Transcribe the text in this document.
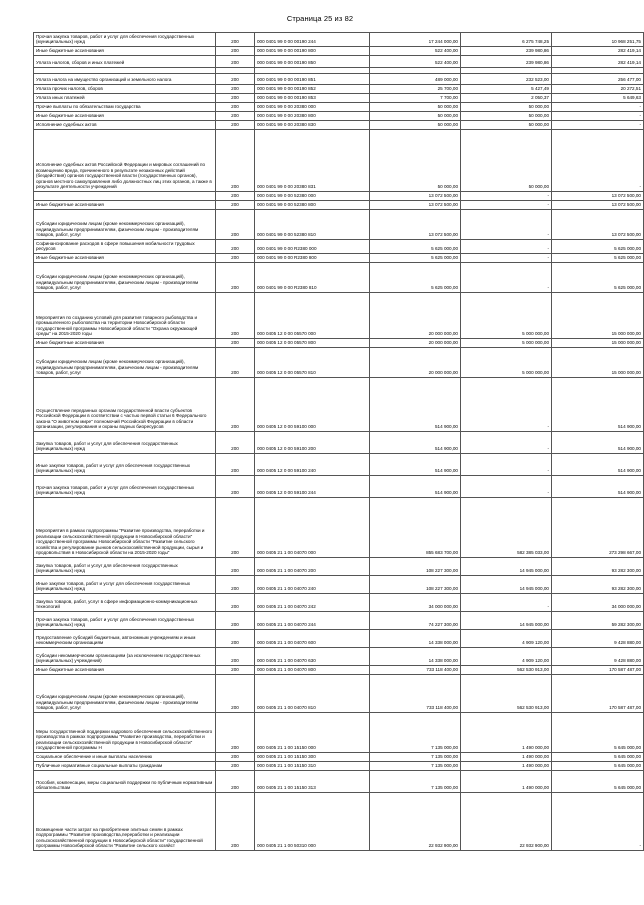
Страница 25 из 82
Прочая закупка товаров, работ и услуг для обеспечения государственных (муниципальных) нужд	200	000 0401 99 0 00 00190 244	17 244 000,00	6 275 748,25	10 968 251,75
Иные бюджетные ассигнования	200	000 0401 99 0 00 00190 800	522 400,00	239 980,86	282 419,14
Уплата налогов, сборов и иных платежей	200	000 0401 99 0 00 00190 850	522 400,00	239 980,86	282 419,14

Уплата налога на имущество организаций и земельного налога	200	000 0401 99 0 00 00190 851	489 000,00	232 523,00	256 477,00
Уплата прочих налогов, сборов	200	000 0401 99 0 00 00190 852	25 700,00	5 427,49	20 272,51
Уплата иных платежей	200	000 0401 99 0 00 00190 853	7 700,00	2 050,37	5 649,63
Прочие выплаты по обязательствам государства	200	000 0401 99 0 00 20380 000	50 000,00	50 000,00	-
Иные бюджетные ассигнования	200	000 0401 99 0 00 20380 800	50 000,00	50 000,00	-
Исполнение судебных актов	200	000 0401 99 0 00 20380 830	50 000,00	50 000,00	-
Исполнение судебных актов Российской Федерации и мировых соглашений по возмещению вреда, причиненного в результате незаконных действий (бездействия) органов государственной власти (государственных органов), органов местного самоуправления либо должностных лиц этих органов, а также в результате деятельности учреждений	200	000 0401 99 0 00 20380 831	50 000,00	50 000,00	-
	200	000 0401 99 0 00 52380 000	13 072 500,00	-	13 072 500,00
Иные бюджетные ассигнования	200	000 0401 99 0 00 52380 800	13 072 500,00	-	13 072 500,00
Субсидии юридическим лицам (кроме некоммерческих организаций), индивидуальным предпринимателям, физическим лицам - производителям товаров, работ, услуг	200	000 0401 99 0 00 52380 810	13 072 500,00	-	13 072 500,00
Софинансирование расходов в сфере повышения мобильности трудовых ресурсов	200	000 0401 99 0 00 R2380 000	5 625 000,00	-	5 625 000,00
Иные бюджетные ассигнования	200	000 0401 99 0 00 R2380 800	5 625 000,00	-	5 625 000,00
Субсидии юридическим лицам (кроме некоммерческих организаций), индивидуальным предпринимателям, физическим лицам - производителям товаров, работ, услуг	200	000 0401 99 0 00 R2380 810	5 625 000,00	-	5 625 000,00
Мероприятия по созданию условий для развития товарного рыбоводства и промышленного рыболовства на территории Новосибирской области государственной программы Новосибирской области "Охрана окружающей среды" на 2015-2020 годы	200	000 0405 12 0 00 05570 000	20 000 000,00	5 000 000,00	15 000 000,00
Иные бюджетные ассигнования	200	000 0405 12 0 00 05570 800	20 000 000,00	5 000 000,00	15 000 000,00
Субсидии юридическим лицам (кроме некоммерческих организаций), индивидуальным предпринимателям, физическим лицам - производителям товаров, работ, услуг	200	000 0405 12 0 00 05570 810	20 000 000,00	5 000 000,00	15 000 000,00
Осуществление переданных органам государственной власти субъектов Российской Федерации в соответствии с частью первой статьи 6 Федерального закона "О животном мире" полномочий Российской Федерации в области организации, регулирования и охраны водных биоресурсов	200	000 0405 12 0 00 59100 000	514 900,00	-	514 900,00
Закупка товаров, работ и услуг для обеспечения государственных (муниципальных) нужд	200	000 0405 12 0 00 59100 200	514 900,00	-	514 900,00
Иные закупки товаров, работ и услуг для обеспечения государственных (муниципальных) нужд	200	000 0405 12 0 00 59100 240	514 900,00	-	514 900,00
Прочая закупка товаров, работ и услуг для обеспечения государственных (муниципальных) нужд	200	000 0405 12 0 00 59100 244	514 900,00	-	514 900,00
Мероприятия в рамках подпрограммы "Развитие производства, переработки и реализации сельскохозяйственной продукции в Новосибирской области" государственной программы Новосибирской области "Развитие сельского хозяйства и регулирование рынков сельскохозяйственной продукции, сырья и продовольствия в Новосибирской области на 2015-2020 годы"	200	000 0405 21 1 00 04070 000	855 683 700,00	582 385 033,00	273 298 667,00
Закупка товаров, работ и услуг для обеспечения государственных (муниципальных) нужд	200	000 0405 21 1 00 04070 200	108 227 300,00	14 945 000,00	93 282 300,00
Иные закупки товаров, работ и услуг для обеспечения государственных (муниципальных) нужд	200	000 0405 21 1 00 04070 240	108 227 300,00	14 945 000,00	93 282 300,00
Закупка товаров, работ, услуг в сфере информационно-коммуникационных технологий	200	000 0405 21 1 00 04070 242	34 000 000,00	-	34 000 000,00
Прочая закупка товаров, работ и услуг для обеспечения государственных (муниципальных) нужд	200	000 0405 21 1 00 04070 244	74 227 300,00	14 945 000,00	59 282 300,00
Предоставление субсидий бюджетным, автономным учреждениям и иным некоммерческим организациям	200	000 0405 21 1 00 04070 600	14 338 000,00	4 909 120,00	9 428 880,00
Субсидии некоммерческим организациям (за исключением государственных (муниципальных) учреждений)	200	000 0405 21 1 00 04070 630	14 338 000,00	4 909 120,00	9 428 880,00
Иные бюджетные ассигнования	200	000 0405 21 1 00 04070 800	733 118 400,00	562 530 913,00	170 587 487,00
Субсидии юридическим лицам (кроме некоммерческих организаций), индивидуальным предпринимателям, физическим лицам - производителям товаров, работ, услуг	200	000 0405 21 1 00 04070 810	733 118 400,00	562 530 913,00	170 587 487,00
Меры государственной поддержки кадрового обеспечения сельскохозяйственного производства в рамках подпрограммы "Развитие производства, переработки и реализации сельскохозяйственной продукции в Новосибирской области" государственной программы Н	200	000 0405 21 1 00 15150 000	7 135 000,00	1 490 000,00	5 645 000,00
Социальное обеспечение и иные выплаты населению	200	000 0405 21 1 00 15150 300	7 135 000,00	1 490 000,00	5 645 000,00
Публичные нормативные социальные выплаты гражданам	200	000 0405 21 1 00 15150 310	7 135 000,00	1 490 000,00	5 645 000,00
Пособия, компенсации, меры социальной поддержки по публичным нормативным обязательствам	200	000 0405 21 1 00 15150 313	7 135 000,00	1 490 000,00	5 645 000,00
Возмещение части затрат на приобретение элитных семян в рамках подпрограммы "Развитие производства,переработки и реализации сельскохозяйственной продукции в Новосибирской области" государственной программы Новосибирской области "Развитие сельского хозяйст	200	000 0405 21 1 00 50310 000	22 932 900,00	22 932 900,00	-
